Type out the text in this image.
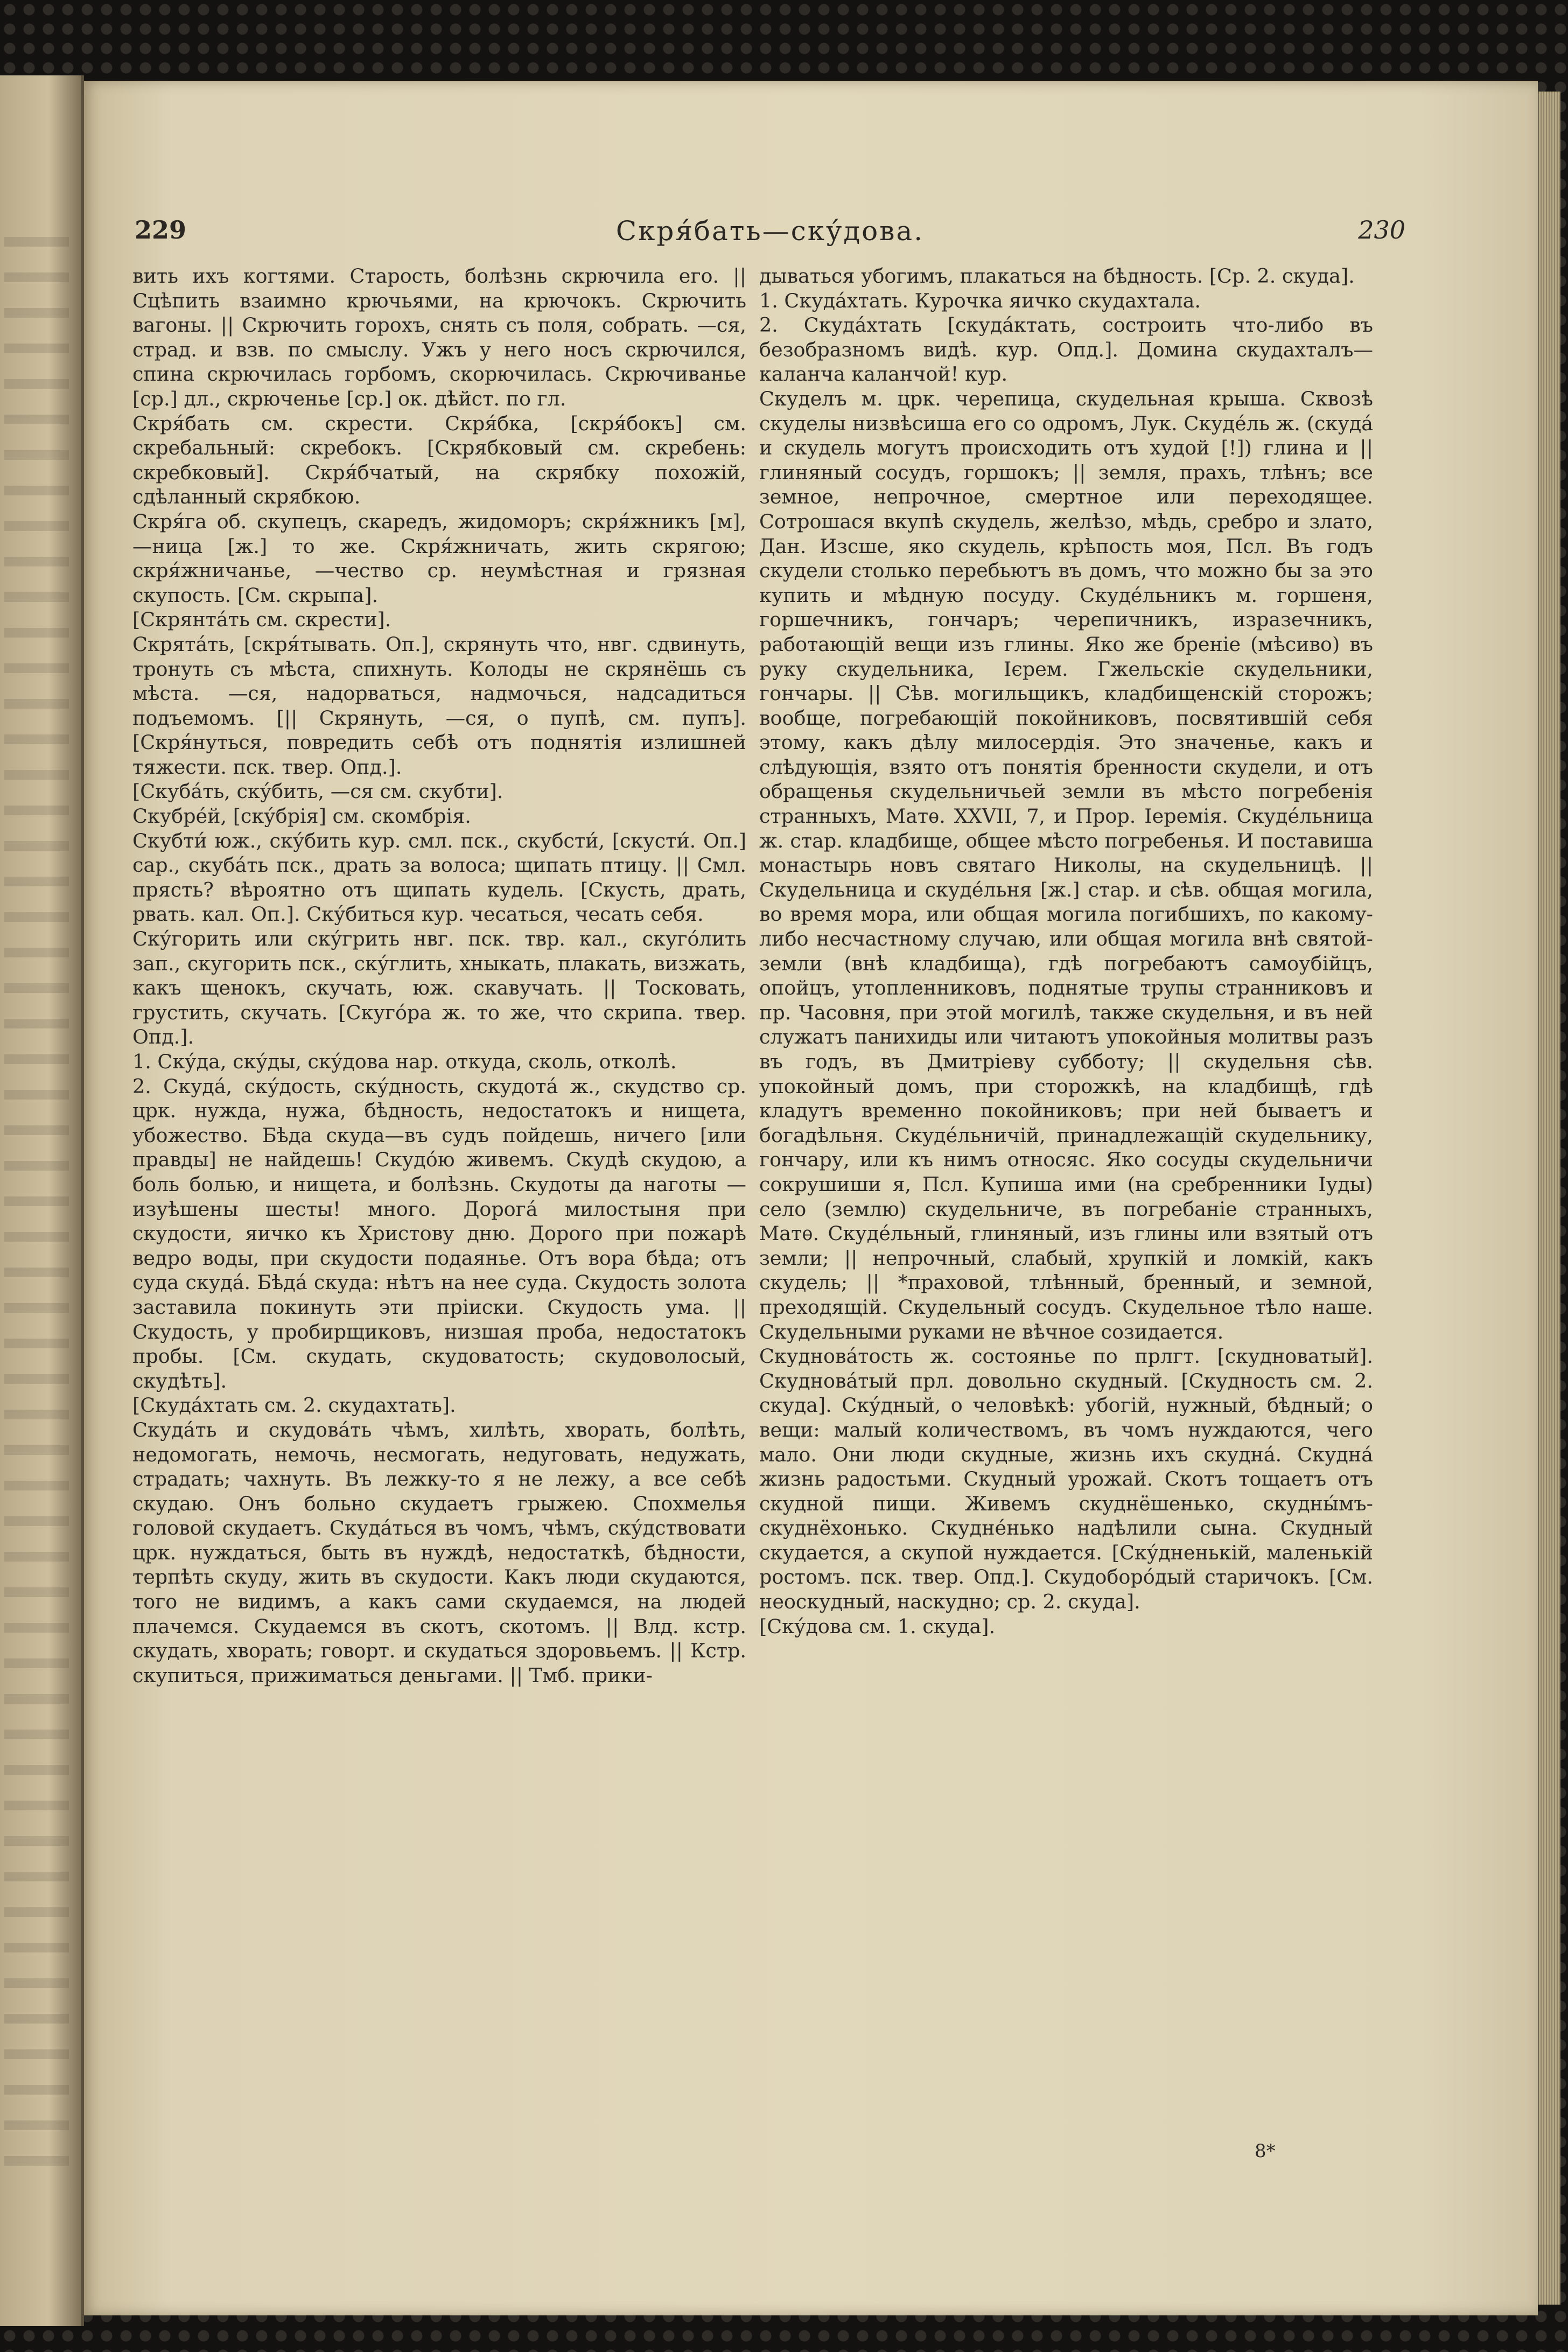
229	Скря́бать—ску́дова.	230

вить ихъ когтями. Старость, болѣзнь скрючила его. || Сцѣпить взаимно крючьями, на крючокъ. Скрючить вагоны. || Скрючить горохъ, снять съ поля, собрать. —ся, страд. и взв. по смыслу. Ужъ у него носъ скрючился, спина скрючилась горбомъ, скорючилась. Скрючиванье [ср.] дл., скрюченье [ср.] ок. дѣйст. по гл.

Скря́бать см. скрести. Скря́бка, [скря́бокъ] см. скребальный: скребокъ. [Скрябковый см. скребень: скребковый]. Скря́бчатый, на скрябку похожій, сдѣланный скрябкою.

Скря́га об. скупецъ, скаредъ, жидоморъ; скря́жникъ [м], —ница [ж.] то же. Скря́жничать, жить скрягою; скря́жничанье, —чество ср. неумѣстная и грязная скупость. [См. скрыпа].

[Скрянта́ть см. скрести].

Скрята́ть, [скря́тывать. Оп.], скрянуть что, нвг. сдвинуть, тронуть съ мѣста, спихнуть. Колоды не скрянёшь съ мѣста. —ся, надорваться, надмочься, надсадиться подъемомъ. [|| Скрянуть, —ся, о пупѣ, см. пупъ]. [Скря́нуться, повредить себѣ отъ поднятія излишней тяжести. пск. твер. Опд.].

[Скуба́ть, ску́бить, —ся см. скубти].

Скубре́й, [ску́брія] см. скомбрія.

Скубти́ юж., ску́бить кур. смл. пск., скубсти́, [скусти́. Оп.] сар., скуба́ть пск., драть за волоса; щипать птицу. || Смл. прясть? вѣроятно отъ щипать кудель. [Скусть, драть, рвать. кал. Оп.]. Ску́биться кур. чесаться, чесать себя.

Ску́горить или ску́грить нвг. пск. твр. кал., скуго́лить зап., скугорить пск., ску́глить, хныкать, плакать, визжать, какъ щенокъ, скучать, юж. скавучать. || Тосковать, грустить, скучать. [Скуго́ра ж. то же, что скрипа. твер. Опд.].

1. Ску́да, ску́ды, ску́дова нар. откуда, сколь, отколѣ.

2. Скуда́, ску́дость, ску́дность, скудота́ ж., скудство ср. црк. нужда, нужа, бѣдность, недостатокъ и нищета, убожество. Бѣда скуда—въ судъ пойдешь, ничего [или правды] не найдешь! Скудо́ю живемъ. Скудѣ скудою, а боль болью, и нищета, и болѣзнь. Скудоты да наготы — изуѣшены шесты! много. Дорогá милостыня при скудости, яичко къ Христову дню. Дорого при пожарѣ ведро воды, при скудости подаянье. Отъ вора бѣда; отъ суда скудá. Бѣдá скуда: нѣтъ на нее суда. Скудость золота заставила покинуть эти пріиски. Скудость ума. || Скудость, у пробирщиковъ, низшая проба, недостатокъ пробы. [См. скудать, скудоватость; скудоволосый, скудѣть].

[Скуда́хтать см. 2. скудахтать].

Скуда́ть и скудова́ть чѣмъ, хилѣть, хворать, болѣть, недомогать, немочь, несмогать, недуговать, недужать, страдать; чахнуть. Въ лежку-то я не лежу, а все себѣ скудаю. Онъ больно скудаетъ грыжею. Спохмелья головой скудаетъ. Скуда́ться въ чомъ, чѣмъ, ску́дствовати црк. нуждаться, быть въ нуждѣ, недостаткѣ, бѣдности, терпѣть скуду, жить въ скудости. Какъ люди скудаются, того не видимъ, а какъ сами скудаемся, на людей плачемся. Скудаемся въ скотъ, скотомъ. || Влд. кстр. скудать, хворать; говорт. и скудаться здоровьемъ. || Кстр. скупиться, прижиматься деньгами. || Тмб. прики-

дываться убогимъ, плакаться на бѣдность. [Ср. 2. скуда].

1. Скуда́хтать. Курочка яичко скудахтала.

2. Скуда́хтать [скуда́ктать, состроить что-либо въ безобразномъ видѣ. кур. Опд.]. Домина скудахталъ—каланча каланчой! кур.

Скуделъ м. црк. черепица, скудельная крыша. Сквозѣ скуделы низвѣсиша его со одромъ, Лук. Скуде́ль ж. (скудá и скудель могутъ происходить отъ худой [!]) глина и || глиняный сосудъ, горшокъ; || земля, прахъ, тлѣнъ; все земное, непрочное, смертное или переходящее. Сотрошася вкупѣ скудель, желѣзо, мѣдь, сребро и злато, Дан. Изсше, яко скудель, крѣпость моя, Псл. Въ годъ скудели столько перебьютъ въ домъ, что можно бы за это купить и мѣдную посуду. Скуде́льникъ м. горшеня, горшечникъ, гончаръ; черепичникъ, изразечникъ, работающій вещи изъ глины. Яко же бреніе (мѣсиво) въ руку скудельника, Ієрем. Гжельскіе скудельники, гончары. || Сѣв. могильщикъ, кладбищенскій сторожъ; вообще, погребающій покойниковъ, посвятившій себя этому, какъ дѣлу милосердія. Это значенье, какъ и слѣдующія, взято отъ понятія бренности скудели, и отъ обращенья скудельничьей земли въ мѣсто погребенія странныхъ, Матѳ. XXVII, 7, и Прор. Іеремія. Скуде́льница ж. стар. кладбище, общее мѣсто погребенья. И поставиша монастырь новъ святаго Николы, на скудельницѣ. || Скудельница и скуде́льня [ж.] стар. и сѣв. общая могила, во время мора, или общая могила погибшихъ, по какому-либо несчастному случаю, или общая могила внѣ святой-земли (внѣ кладбища), гдѣ погребаютъ самоубійцъ, опойцъ, утопленниковъ, поднятые трупы странниковъ и пр. Часовня, при этой могилѣ, также скудельня, и въ ней служатъ панихиды или читаютъ упокойныя молитвы разъ въ годъ, въ Дмитріеву субботу; || скудельня сѣв. упокойный домъ, при сторожкѣ, на кладбищѣ, гдѣ кладутъ временно покойниковъ; при ней бываетъ и богадѣльня. Скуде́льничій, принадлежащій скудельнику, гончару, или къ нимъ относяс. Яко сосуды скудельничи сокрушиши я, Псл. Купиша ими (на сребренники Іуды) село (землю) скудельниче, въ погребаніе странныхъ, Матѳ. Скуде́льный, глиняный, изъ глины или взятый отъ земли; || непрочный, слабый, хрупкій и ломкій, какъ скудель; || *праховой, тлѣнный, бренный, и земной, преходящій. Скудельный сосудъ. Скудельное тѣло наше. Скудельными руками не вѣчное созидается.

Скуднова́тость ж. состоянье по прлгт. [скудноватый]. Скуднова́тый прл. довольно скудный. [Скудность см. 2. скуда]. Ску́дный, о человѣкѣ: убогій, нужный, бѣдный; о вещи: малый количествомъ, въ чомъ нуждаются, чего мало. Они люди скудные, жизнь ихъ скудна́. Скудна́ жизнь радостьми. Скудный урожай. Скотъ тощаетъ отъ скудной пищи. Живемъ скуднёшенько, скудны́мъ-скуднёхонько. Скудне́нько надѣлили сына. Скудный скудается, а скупой нуждается. [Ску́дненькій, маленькій ростомъ. пск. твер. Опд.]. Скудоборо́дый старичокъ. [См. неоскудный, наскудно; ср. 2. скуда].

[Ску́дова см. 1. скуда].

8*
